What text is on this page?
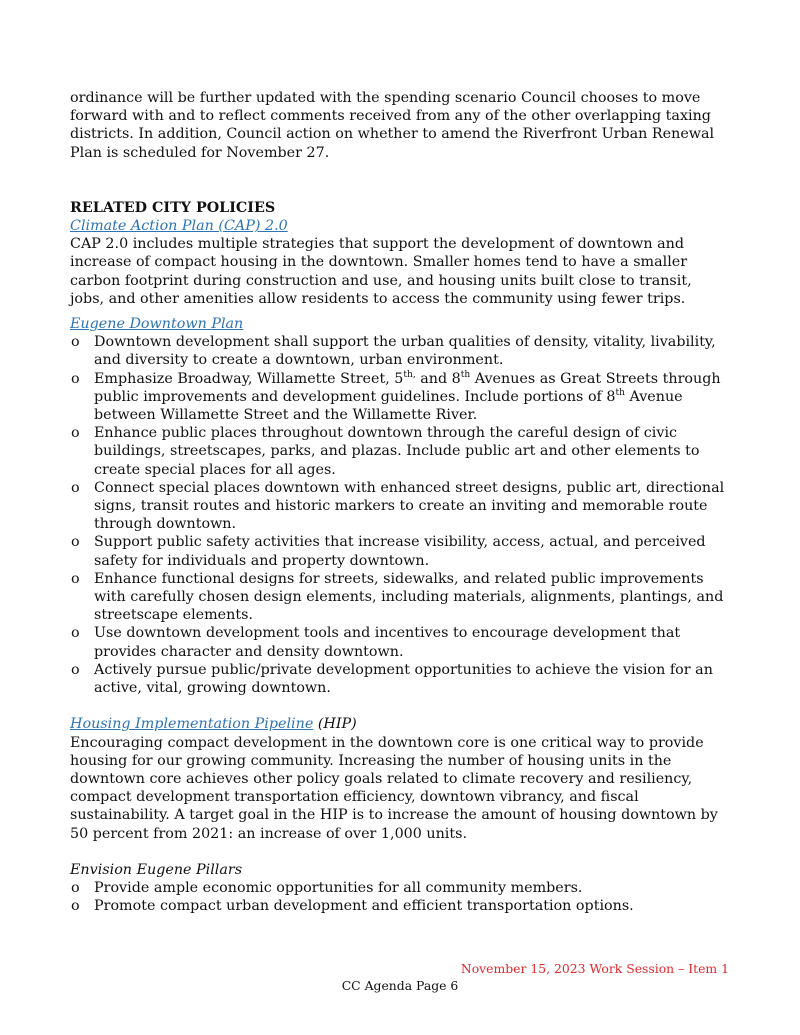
ordinance will be further updated with the spending scenario Council chooses to move forward with and to reflect comments received from any of the other overlapping taxing districts. In addition, Council action on whether to amend the Riverfront Urban Renewal Plan is scheduled for November 27.

RELATED CITY POLICIES

Climate Action Plan (CAP) 2.0

CAP 2.0 includes multiple strategies that support the development of downtown and increase of compact housing in the downtown. Smaller homes tend to have a smaller carbon footprint during construction and use, and housing units built close to transit, jobs, and other amenities allow residents to access the community using fewer trips.

Eugene Downtown Plan

o Downtown development shall support the urban qualities of density, vitality, livability, and diversity to create a downtown, urban environment.
o Emphasize Broadway, Willamette Street, $5^{th,}$ and 8th Avenues as Great Streets through public improvements and development guidelines. Include portions of 8th Avenue between Willamette Street and the Willamette River.
o Enhance public places throughout downtown through the careful design of civic buildings, streetscapes, parks, and plazas. Include public art and other elements to create special places for all ages.
o Connect special places downtown with enhanced street designs, public art, directional signs, transit routes and historic markers to create an inviting and memorable route through downtown.
o Support public safety activities that increase visibility, access, actual, and perceived safety for individuals and property downtown.
o Enhance functional designs for streets, sidewalks, and related public improvements with carefully chosen design elements, including materials, alignments, plantings, and streetscape elements.
o Use downtown development tools and incentives to encourage development that provides character and density downtown.
o Actively pursue public/private development opportunities to achieve the vision for an active, vital, growing downtown.

Housing Implementation Pipeline (HIP)

Encouraging compact development in the downtown core is one critical way to provide housing for our growing community. Increasing the number of housing units in the downtown core achieves other policy goals related to climate recovery and resiliency, compact development transportation efficiency, downtown vibrancy, and fiscal sustainability. A target goal in the HIP is to increase the amount of housing downtown by 50 percent from 2021: an increase of over 1,000 units.

Envision Eugene Pillars

o Provide ample economic opportunities for all community members.
o Promote compact urban development and efficient transportation options.
November 15, 2023 Work Session – Item 1
CC Agenda Page 6
